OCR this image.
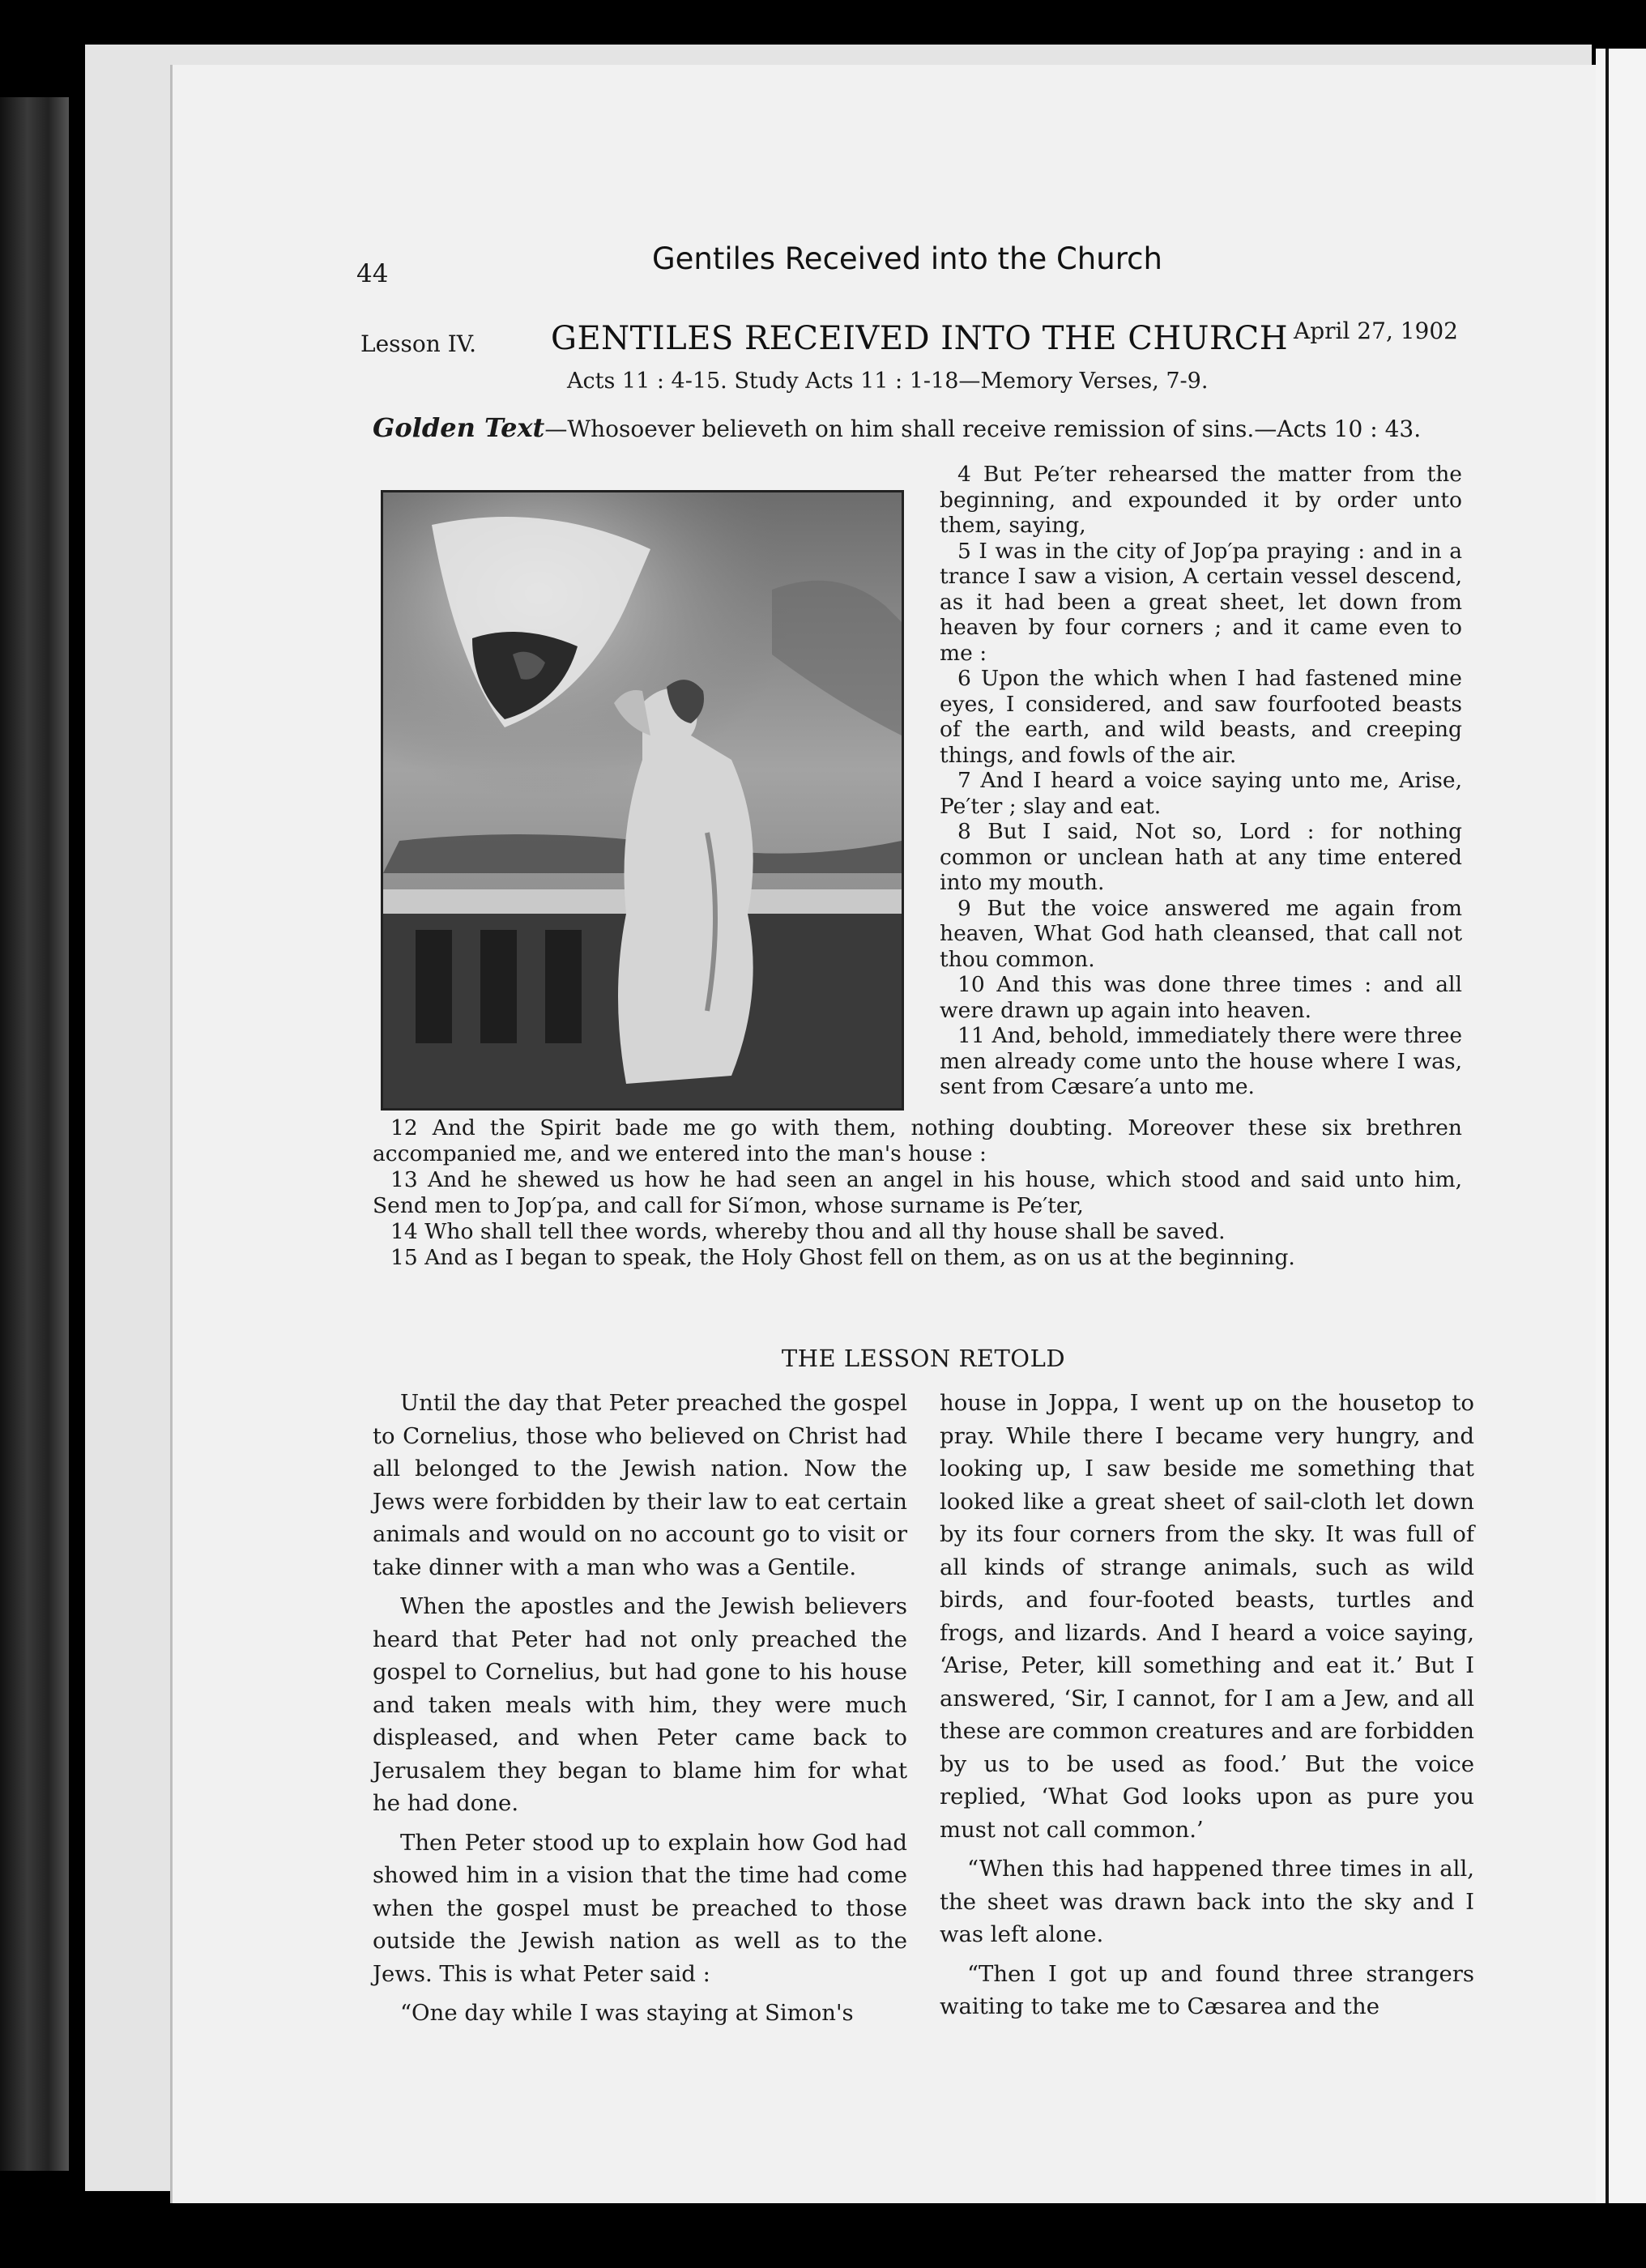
44	Gentiles Received into the Church
Lesson IV. GENTILES RECEIVED INTO THE CHURCH April 27, 1902
Acts 11 : 4-15. Study Acts 11 : 1-18—Memory Verses, 7-9.
Golden Text—Whosoever believeth on him shall receive remission of sins.—Acts 10 : 43.

4 But Pe′ter rehearsed the matter from the beginning, and expounded it by order unto them, saying,

5 I was in the city of Jop′pa praying : and in a trance I saw a vision, A certain vessel descend, as it had been a great sheet, let down from heaven by four corners ; and it came even to me :

6 Upon the which when I had fastened mine eyes, I considered, and saw fourfooted beasts of the earth, and wild beasts, and creeping things, and fowls of the air.

7 And I heard a voice saying unto me, Arise, Pe′ter ; slay and eat.

8 But I said, Not so, Lord : for nothing common or unclean hath at any time entered into my mouth.

9 But the voice answered me again from heaven, What God hath cleansed, that call not thou common.

10 And this was done three times : and all were drawn up again into heaven.

11 And, behold, immediately there were three men already come unto the house where I was, sent from Cæsare′a unto me.

12 And the Spirit bade me go with them, nothing doubting. Moreover these six brethren accompanied me, and we entered into the man's house :

13 And he shewed us how he had seen an angel in his house, which stood and said unto him, Send men to Jop′pa, and call for Si′mon, whose surname is Pe′ter,

14 Who shall tell thee words, whereby thou and all thy house shall be saved.

15 And as I began to speak, the Holy Ghost fell on them, as on us at the beginning.

THE LESSON RETOLD

Until the day that Peter preached the gospel to Cornelius, those who believed on Christ had all belonged to the Jewish nation. Now the Jews were forbidden by their law to eat certain animals and would on no account go to visit or take dinner with a man who was a Gentile.

When the apostles and the Jewish believers heard that Peter had not only preached the gospel to Cornelius, but had gone to his house and taken meals with him, they were much displeased, and when Peter came back to Jerusalem they began to blame him for what he had done.

Then Peter stood up to explain how God had showed him in a vision that the time had come when the gospel must be preached to those outside the Jewish nation as well as to the Jews. This is what Peter said :

“One day while I was staying at Simon's

house in Joppa, I went up on the housetop to pray. While there I became very hungry, and looking up, I saw beside me something that looked like a great sheet of sail-cloth let down by its four corners from the sky. It was full of all kinds of strange animals, such as wild birds, and four-footed beasts, turtles and frogs, and lizards. And I heard a voice saying, ‘Arise, Peter, kill something and eat it.’ But I answered, ‘Sir, I cannot, for I am a Jew, and all these are common creatures and are forbidden by us to be used as food.’ But the voice replied, ‘What God looks upon as pure you must not call common.’

“When this had happened three times in all, the sheet was drawn back into the sky and I was left alone.

“Then I got up and found three strangers waiting to take me to Cæsarea and the
